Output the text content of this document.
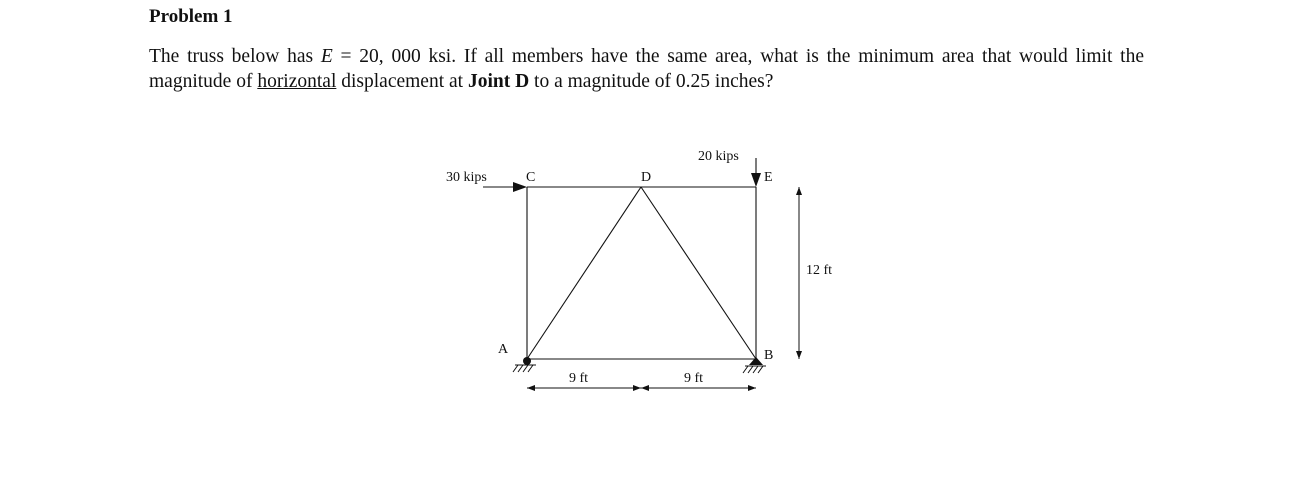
Problem 1

The truss below has E = 20, 000 ksi. If all members have the same area, what is the minimum area that would limit the magnitude of horizontal displacement at Joint D to a magnitude of 0.25 inches?

C	D	E
A	B
30 kips
20 kips
9 ft	9 ft
12 ft
